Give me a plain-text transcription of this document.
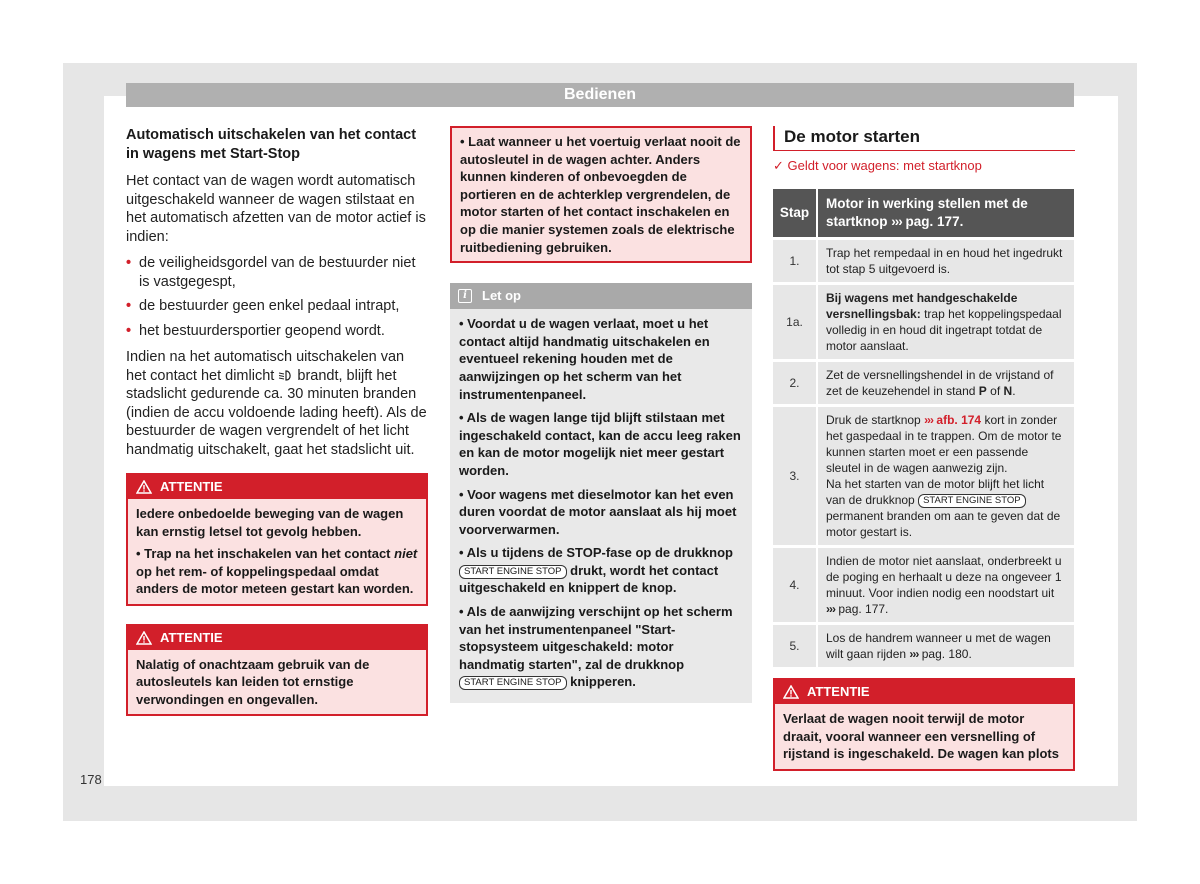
Bedienen
Automatisch uitschakelen van het contact in wagens met Start-Stop
Het contact van de wagen wordt automatisch uitgeschakeld wanneer de wagen stilstaat en het automatisch afzetten van de motor actief is indien:
• de veiligheidsgordel van de bestuurder niet is vastgegespt,
• de bestuurder geen enkel pedaal intrapt,
• het bestuurdersportier geopend wordt.
Indien na het automatisch uitschakelen van het contact het dimlicht brandt, blijft het stadslicht gedurende ca. 30 minuten branden (indien de accu voldoende lading heeft). Als de bestuurder de wagen vergrendelt of het licht handmatig uitschakelt, gaat het stadslicht uit.
ATTENTIE
Iedere onbedoelde beweging van de wagen kan ernstig letsel tot gevolg hebben.
• Trap na het inschakelen van het contact niet op het rem- of koppelingspedaal omdat anders de motor meteen gestart kan worden.
ATTENTIE
Nalatig of onachtzaam gebruik van de autosleutels kan leiden tot ernstige verwondingen en ongevallen.
• Laat wanneer u het voertuig verlaat nooit de autosleutel in de wagen achter. Anders kunnen kinderen of onbevoegden de portieren en de achterklep vergrendelen, de motor starten of het contact inschakelen en op die manier systemen zoals de elektrische ruitbediening gebruiken.
i	Let op
• Voordat u de wagen verlaat, moet u het contact altijd handmatig uitschakelen en eventueel rekening houden met de aanwijzingen op het scherm van het instrumentenpaneel.
• Als de wagen lange tijd blijft stilstaan met ingeschakeld contact, kan de accu leeg raken en kan de motor mogelijk niet meer gestart worden.
• Voor wagens met dieselmotor kan het even duren voordat de motor aanslaat als hij moet voorverwarmen.
• Als u tijdens de STOP-fase op de drukknop START ENGINE STOP drukt, wordt het contact uitgeschakeld en knippert de knop.
• Als de aanwijzing verschijnt op het scherm van het instrumentenpaneel "Start-stopsysteem uitgeschakeld: motor handmatig starten", zal de drukknop START ENGINE STOP knipperen.
De motor starten
✓ Geldt voor wagens: met startknop
Stap	Motor in werking stellen met de startknop ››› pag. 177.
1.	Trap het rempedaal in en houd het ingedrukt tot stap 5 uitgevoerd is.
1a.	Bij wagens met handgeschakelde versnellingsbak: trap het koppelingspedaal volledig in en houd dit ingetrapt totdat de motor aanslaat.
2.	Zet de versnellingshendel in de vrijstand of zet de keuzehendel in stand P of N.
3.	Druk de startknop ››› afb. 174 kort in zonder het gaspedaal in te trappen. Om de motor te kunnen starten moet er een passende sleutel in de wagen aanwezig zijn.
Na het starten van de motor blijft het licht van de drukknop START ENGINE STOP permanent branden om aan te geven dat de motor gestart is.
4.	Indien de motor niet aanslaat, onderbreekt u de poging en herhaalt u deze na ongeveer 1 minuut. Voor indien nodig een noodstart uit ››› pag. 177.
5.	Los de handrem wanneer u met de wagen wilt gaan rijden ››› pag. 180.
ATTENTIE
Verlaat de wagen nooit terwijl de motor draait, vooral wanneer een versnelling of rijstand is ingeschakeld. De wagen kan plots
178
